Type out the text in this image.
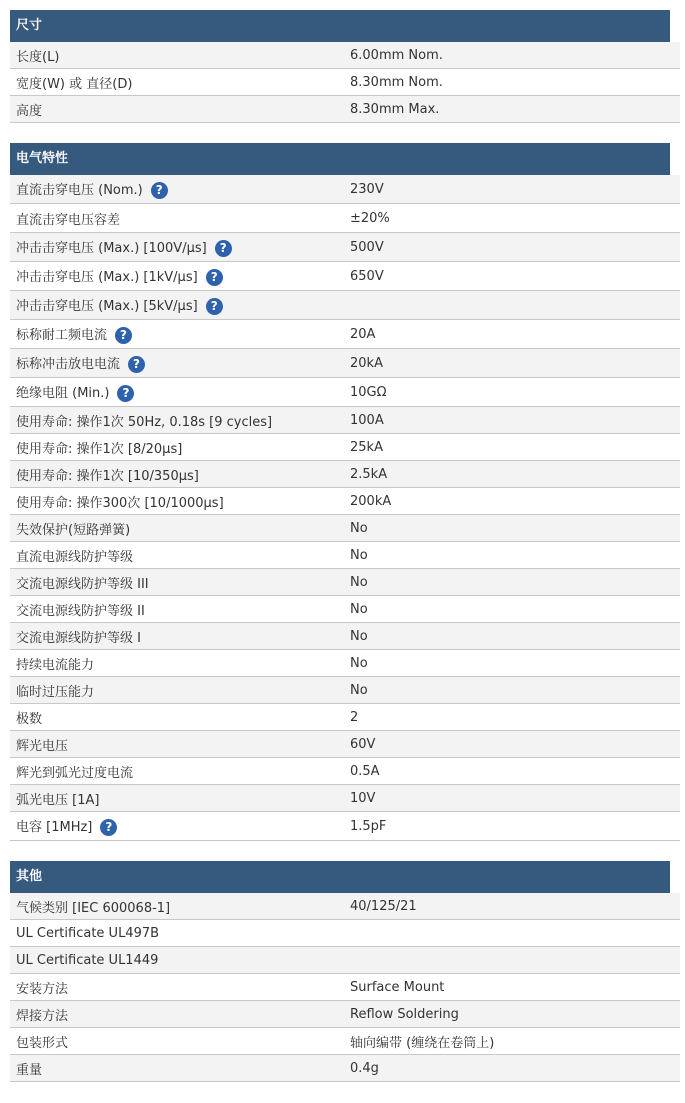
尺寸
长度(L)	6.00mm Nom.
宽度(W) 或 直径(D)	8.30mm Nom.
高度	8.30mm Max.
电气特性
直流击穿电压 (Nom.) ?	230V
直流击穿电压容差	±20%
冲击击穿电压 (Max.) [100V/µs] ?	500V
冲击击穿电压 (Max.) [1kV/µs] ?	650V
冲击击穿电压 (Max.) [5kV/µs] ?	
标称耐工频电流 ?	20A
标称冲击放电电流 ?	20kA
绝缘电阻 (Min.) ?	10GΩ
使用寿命: 操作1次 50Hz, 0.18s [9 cycles]	100A
使用寿命: 操作1次 [8/20µs]	25kA
使用寿命: 操作1次 [10/350µs]	2.5kA
使用寿命: 操作300次 [10/1000µs]	200kA
失效保护(短路弹簧)	No
直流电源线防护等级	No
交流电源线防护等级 III	No
交流电源线防护等级 II	No
交流电源线防护等级 I	No
持续电流能力	No
临时过压能力	No
极数	2
辉光电压	60V
辉光到弧光过度电流	0.5A
弧光电压 [1A]	10V
电容 [1MHz] ?	1.5pF
其他
气候类别 [IEC 600068-1]	40/125/21
UL Certificate UL497B	
UL Certificate UL1449	
安装方法	Surface Mount
焊接方法	Reflow Soldering
包装形式	轴向编带 (缠绕在卷筒上)
重量	0.4g
